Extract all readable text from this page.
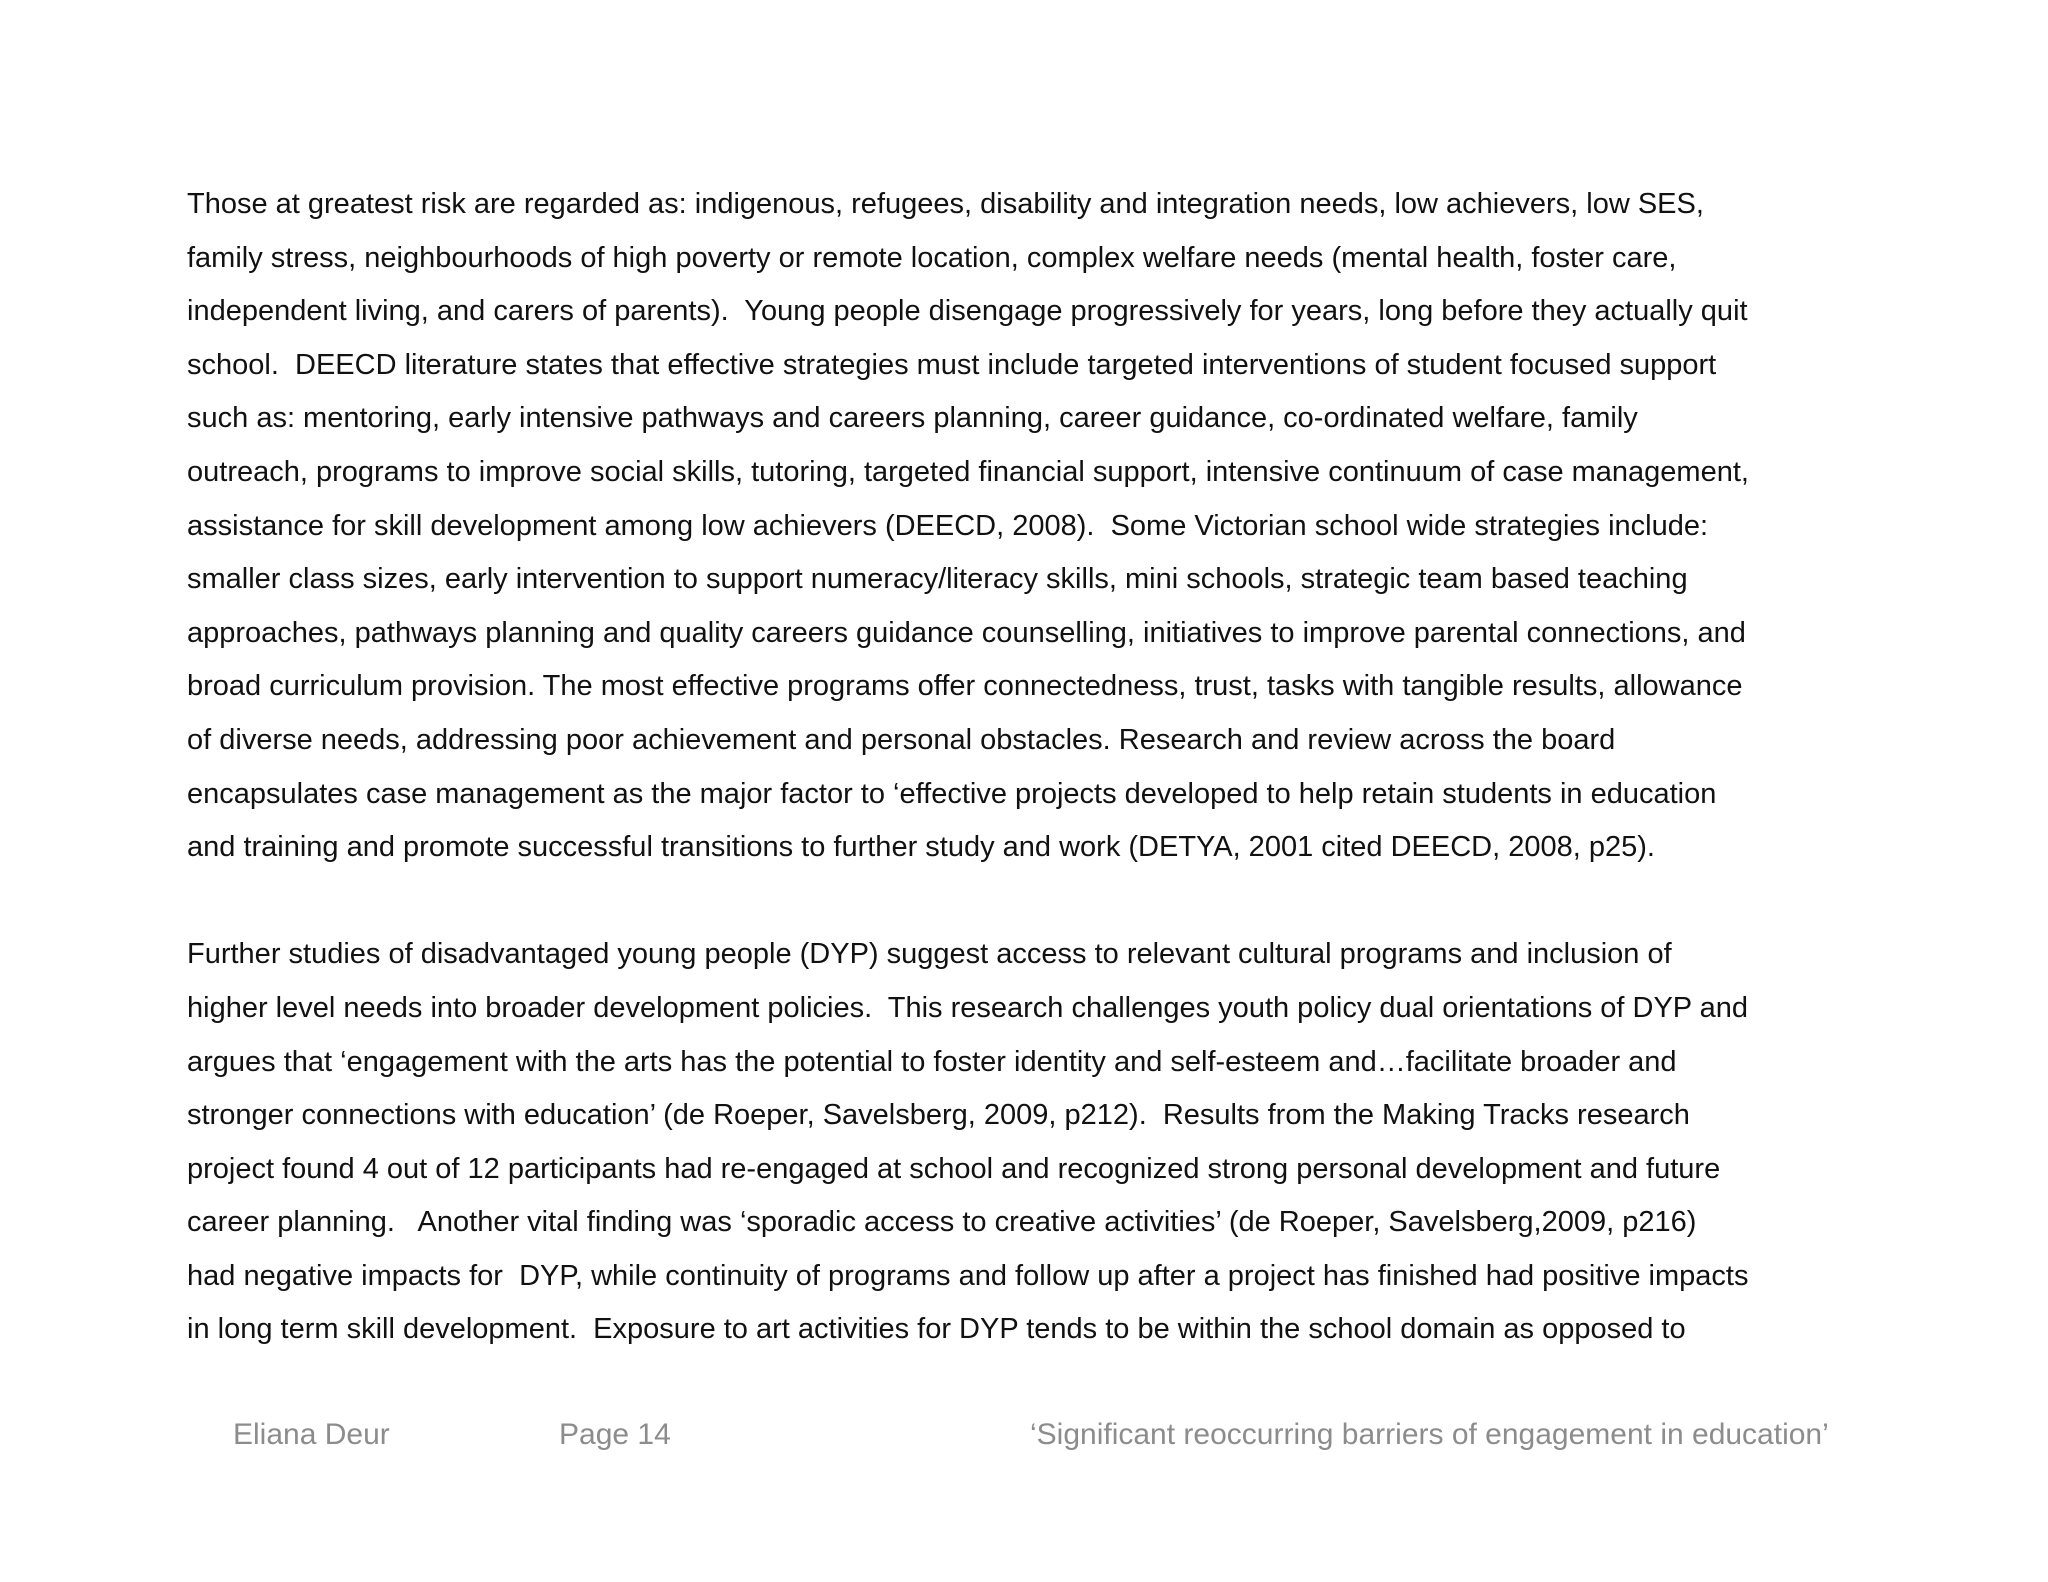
Those at greatest risk are regarded as: indigenous, refugees, disability and integration needs, low achievers, low SES,
family stress, neighbourhoods of high poverty or remote location, complex welfare needs (mental health, foster care,
independent living, and carers of parents).  Young people disengage progressively for years, long before they actually quit
school.  DEECD literature states that effective strategies must include targeted interventions of student focused support
such as: mentoring, early intensive pathways and careers planning, career guidance, co-ordinated welfare, family
outreach, programs to improve social skills, tutoring, targeted financial support, intensive continuum of case management,
assistance for skill development among low achievers (DEECD, 2008).  Some Victorian school wide strategies include:
smaller class sizes, early intervention to support numeracy/literacy skills, mini schools, strategic team based teaching
approaches, pathways planning and quality careers guidance counselling, initiatives to improve parental connections, and
broad curriculum provision. The most effective programs offer connectedness, trust, tasks with tangible results, allowance
of diverse needs, addressing poor achievement and personal obstacles. Research and review across the board
encapsulates case management as the major factor to ‘effective projects developed to help retain students in education
and training and promote successful transitions to further study and work (DETYA, 2001 cited DEECD, 2008, p25).
Further studies of disadvantaged young people (DYP) suggest access to relevant cultural programs and inclusion of
higher level needs into broader development policies.  This research challenges youth policy dual orientations of DYP and
argues that ‘engagement with the arts has the potential to foster identity and self-esteem and…facilitate broader and
stronger connections with education’ (de Roeper, Savelsberg, 2009, p212).  Results from the Making Tracks research
project found 4 out of 12 participants had re-engaged at school and recognized strong personal development and future
career planning.   Another vital finding was ‘sporadic access to creative activities’ (de Roeper, Savelsberg,2009, p216)
had negative impacts for  DYP, while continuity of programs and follow up after a project has finished had positive impacts
in long term skill development.  Exposure to art activities for DYP tends to be within the school domain as opposed to
Eliana Deur	Page 14	‘Significant reoccurring barriers of engagement in education’
